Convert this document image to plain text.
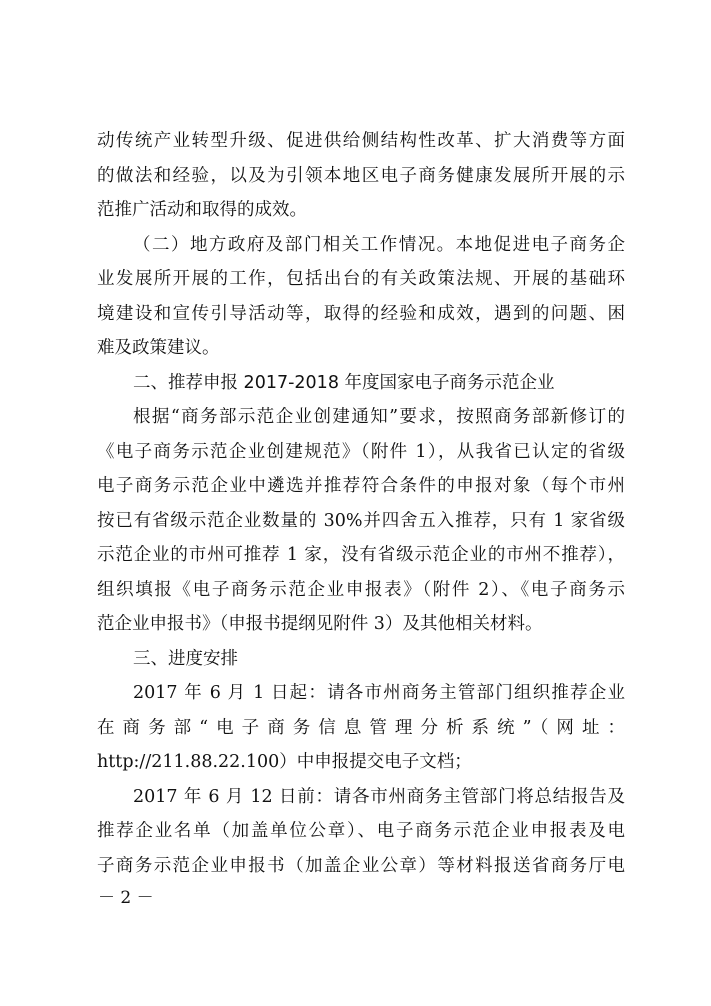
动传统产业转型升级、促进供给侧结构性改革、扩大消费等方面
的做法和经验，以及为引领本地区电子商务健康发展所开展的示
范推广活动和取得的成效。
（二）地方政府及部门相关工作情况。本地促进电子商务企
业发展所开展的工作，包括出台的有关政策法规、开展的基础环
境建设和宣传引导活动等，取得的经验和成效，遇到的问题、困
难及政策建议。
二、推荐申报 2017-2018 年度国家电子商务示范企业
根据“商务部示范企业创建通知”要求，按照商务部新修订的
《电子商务示范企业创建规范》（附件 1），从我省已认定的省级
电子商务示范企业中遴选并推荐符合条件的申报对象（每个市州
按已有省级示范企业数量的 30%并四舍五入推荐，只有 1 家省级
示范企业的市州可推荐 1 家，没有省级示范企业的市州不推荐），
组织填报《电子商务示范企业申报表》（附件 2）、《电子商务示
范企业申报书》（申报书提纲见附件 3）及其他相关材料。
三、进度安排
2017 年 6 月 1 日起：请各市州商务主管部门组织推荐企业
在商务部“电子商务信息管理分析系统”（网址：
http://211.88.22.100）中申报提交电子文档；
2017 年 6 月 12 日前：请各市州商务主管部门将总结报告及
推荐企业名单（加盖单位公章）、电子商务示范企业申报表及电
子商务示范企业申报书（加盖企业公章）等材料报送省商务厅电
－ 2 －
